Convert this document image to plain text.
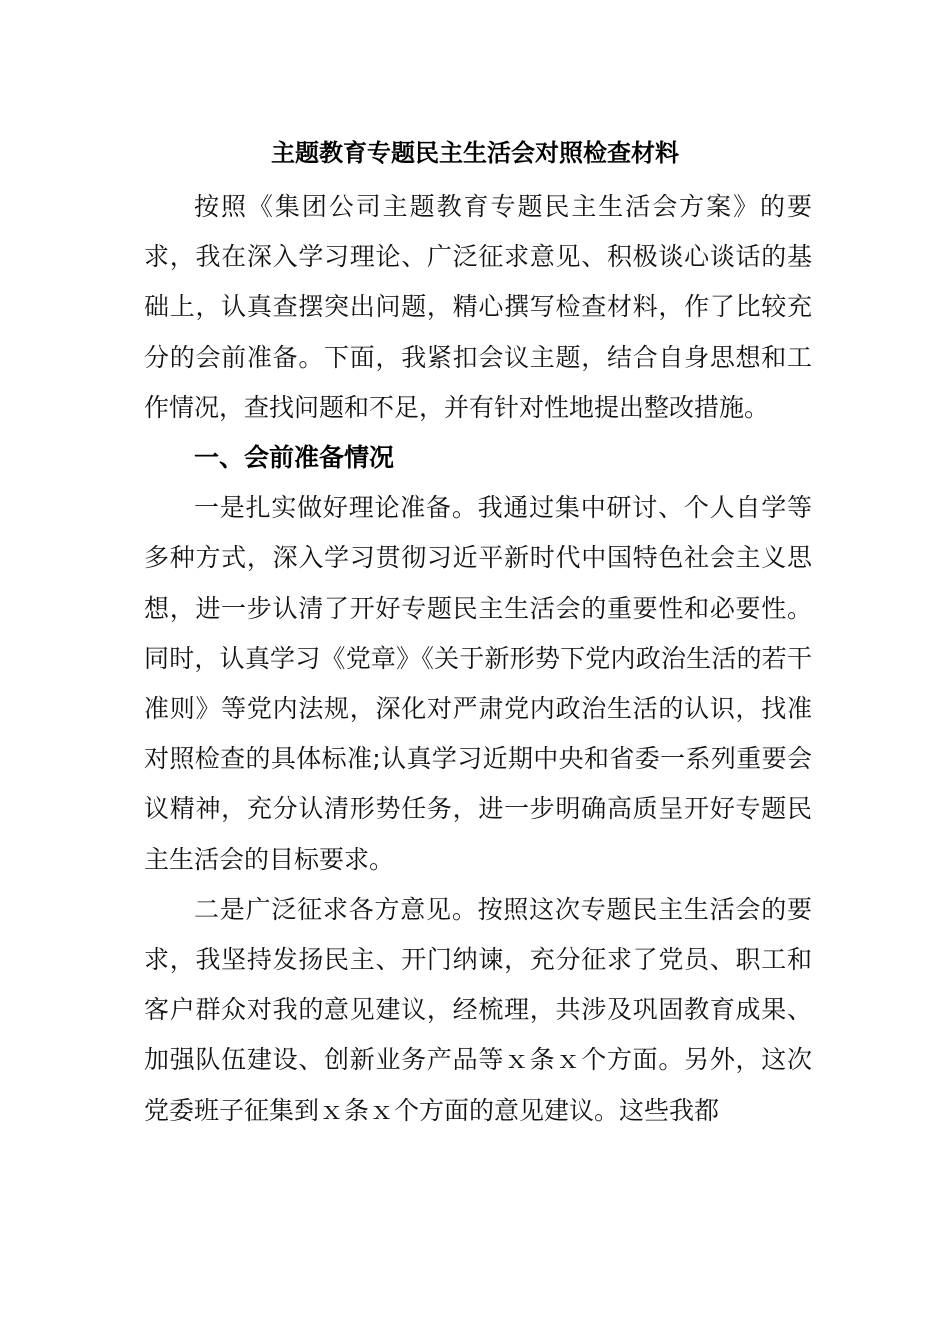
主题教育专题民主生活会对照检查材料

按照《集团公司主题教育专题民主生活会方案》的要求，我在深入学习理论、广泛征求意见、积极谈心谈话的基础上，认真查摆突出问题，精心撰写检查材料，作了比较充分的会前准备。下面，我紧扣会议主题，结合自身思想和工作情况，查找问题和不足，并有针对性地提出整改措施。

一、会前准备情况

一是扎实做好理论准备。我通过集中研讨、个人自学等多种方式，深入学习贯彻习近平新时代中国特色社会主义思想，进一步认清了开好专题民主生活会的重要性和必要性。同时，认真学习《党章》《关于新形势下党内政治生活的若干准则》等党内法规，深化对严肃党内政治生活的认识，找准对照检查的具体标准;认真学习近期中央和省委一系列重要会议精神，充分认清形势任务，进一步明确高质呈开好专题民主生活会的目标要求。

二是广泛征求各方意见。按照这次专题民主生活会的要求，我坚持发扬民主、开门纳谏，充分征求了党员、职工和客户群众对我的意见建议，经梳理，共涉及巩固教育成果、加强队伍建设、创新业务产品等ｘ条ｘ个方面。另外，这次党委班子征集到ｘ条ｘ个方面的意见建议。这些我都
